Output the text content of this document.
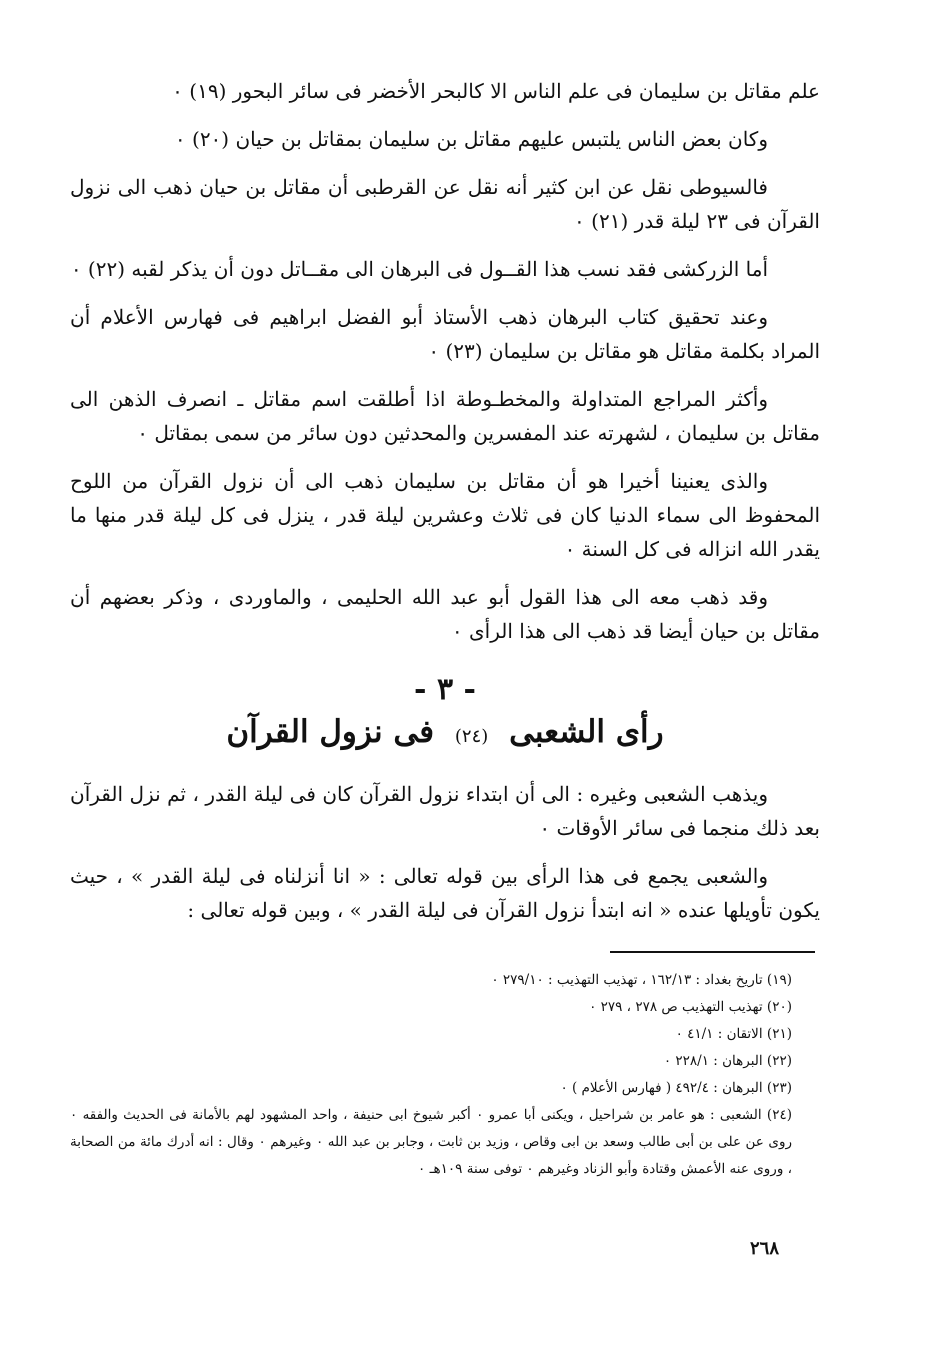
علم مقاتل بن سليمان فى علم الناس الا كالبحر الأخضر فى سائر البحور (١٩) ٠

وكان بعض الناس يلتبس عليهم مقاتل بن سليمان بمقاتل بن حيان (٢٠) ٠

فالسيوطى نقل عن ابن كثير أنه نقل عن القرطبى أن مقاتل بن حيان ذهب الى نزول القرآن فى ٢٣ ليلة قدر (٢١) ٠

أما الزركشى فقد نسب هذا القــول فى البرهان الى مقــاتل دون أن يذكر لقبه (٢٢) ٠

وعند تحقيق كتاب البرهان ذهب الأستاذ أبو الفضل ابراهيم فى فهارس الأعلام أن المراد بكلمة مقاتل هو مقاتل بن سليمان (٢٣) ٠

وأكثر المراجع المتداولة والمخطـوطة اذا أطلقت اسم مقاتل ـ انصرف الذهن الى مقاتل بن سليمان ، لشهرته عند المفسرين والمحدثين دون سائر من سمى بمقاتل ٠

والذى يعنينا أخيرا هو أن مقاتل بن سليمان ذهب الى أن نزول القرآن من اللوح المحفوظ الى سماء الدنيا كان فى ثلاث وعشرين ليلة قدر ، ينزل فى كل ليلة قدر منها ما يقدر الله انزاله فى كل السنة ٠

وقد ذهب معه الى هذا القول أبو عبد الله الحليمى ، والماوردى ، وذكر بعضهم أن مقاتل بن حيان أيضا قد ذهب الى هذا الرأى ٠

- ٣ -
رأى الشعبى (٢٤) فى نزول القرآن

ويذهب الشعبى وغيره : الى أن ابتداء نزول القرآن كان فى ليلة القدر ، ثم نزل القرآن بعد ذلك منجما فى سائر الأوقات ٠

والشعبى يجمع فى هذا الرأى بين قوله تعالى : « انا أنزلناه فى ليلة القدر » ، حيث يكون تأويلها عنده « انه ابتدأ نزول القرآن فى ليلة القدر » ، وبين قوله تعالى :

(١٩) تاريخ بغداد : ١٦٢/١٣ ، تهذيب التهذيب : ٢٧٩/١٠ ٠

(٢٠) تهذيب التهذيب ص ٢٧٨ ، ٢٧٩ ٠

(٢١) الاتقان : ٤١/١ ٠

(٢٢) البرهان : ٢٢٨/١ ٠

(٢٣) البرهان : ٤٩٢/٤ ( فهارس الأعلام ) ٠

(٢٤) الشعبى : هو عامر بن شراحيل ، ويكنى أبا عمرو ٠ أكبر شيوخ ابى حنيفة ، واحد المشهود لهم بالأمانة فى الحديث والفقه ٠ روى عن على بن أبى طالب وسعد بن ابى وقاص ، وزيد بن ثابت ، وجابر بن عبد الله ٠ وغيرهم ٠ وقال : انه أدرك مائة من الصحابة ، وروى عنه الأعمش وقتادة وأبو الزناد وغيرهم ٠ توفى سنة ١٠٩هـ ٠

٢٦٨
